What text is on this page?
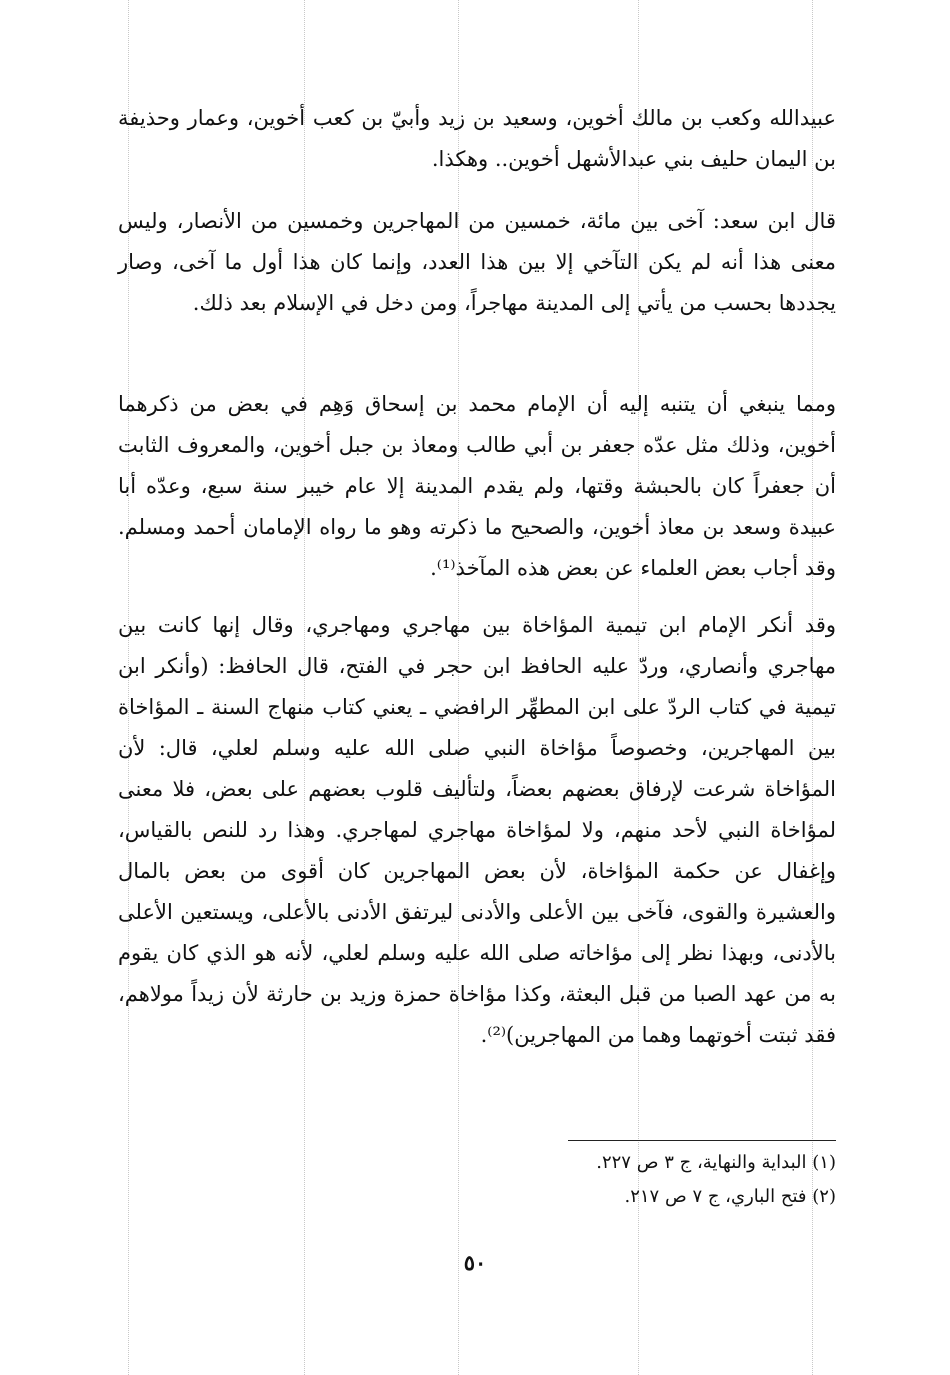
عبيدالله وكعب بن مالك أخوين، وسعيد بن زيد وأبيّ بن كعب أخوين، وعمار وحذيفة بن اليمان حليف بني عبدالأشهل أخوين.. وهكذا.

قال ابن سعد: آخى بين مائة، خمسين من المهاجرين وخمسين من الأنصار، وليس معنى هذا أنه لم يكن التآخي إلا بين هذا العدد، وإنما كان هذا أول ما آخى، وصار يجددها بحسب من يأتي إلى المدينة مهاجراً، ومن دخل في الإسلام بعد ذلك.

ومما ينبغي أن يتنبه إليه أن الإمام محمد بن إسحاق وَهِم في بعض من ذكرهما أخوين، وذلك مثل عدّه جعفر بن أبي طالب ومعاذ بن جبل أخوين، والمعروف الثابت أن جعفراً كان بالحبشة وقتها، ولم يقدم المدينة إلا عام خيبر سنة سبع، وعدّه أبا عبيدة وسعد بن معاذ أخوين، والصحيح ما ذكرته وهو ما رواه الإمامان أحمد ومسلم. وقد أجاب بعض العلماء عن بعض هذه المآخذ⁽¹⁾.

وقد أنكر الإمام ابن تيمية المؤاخاة بين مهاجري ومهاجري، وقال إنها كانت بين مهاجري وأنصاري، وردّ عليه الحافظ ابن حجر في الفتح، قال الحافظ: (وأنكر ابن تيمية في كتاب الردّ على ابن المطهِّر الرافضي ـ يعني كتاب منهاج السنة ـ المؤاخاة بين المهاجرين، وخصوصاً مؤاخاة النبي صلى الله عليه وسلم لعلي، قال: لأن المؤاخاة شرعت لإرفاق بعضهم بعضاً، ولتأليف قلوب بعضهم على بعض، فلا معنى لمؤاخاة النبي لأحد منهم، ولا لمؤاخاة مهاجري لمهاجري. وهذا رد للنص بالقياس، وإغفال عن حكمة المؤاخاة، لأن بعض المهاجرين كان أقوى من بعض بالمال والعشيرة والقوى، فآخى بين الأعلى والأدنى ليرتفق الأدنى بالأعلى، ويستعين الأعلى بالأدنى، وبهذا نظر إلى مؤاخاته صلى الله عليه وسلم لعلي، لأنه هو الذي كان يقوم به من عهد الصبا من قبل البعثة، وكذا مؤاخاة حمزة وزيد بن حارثة لأن زيداً مولاهم، فقد ثبتت أخوتهما وهما من المهاجرين)⁽²⁾.

(١) البداية والنهاية، ج ٣ ص ٢٢٧.
(٢) فتح الباري، ج ٧ ص ٢١٧.
٥٠
